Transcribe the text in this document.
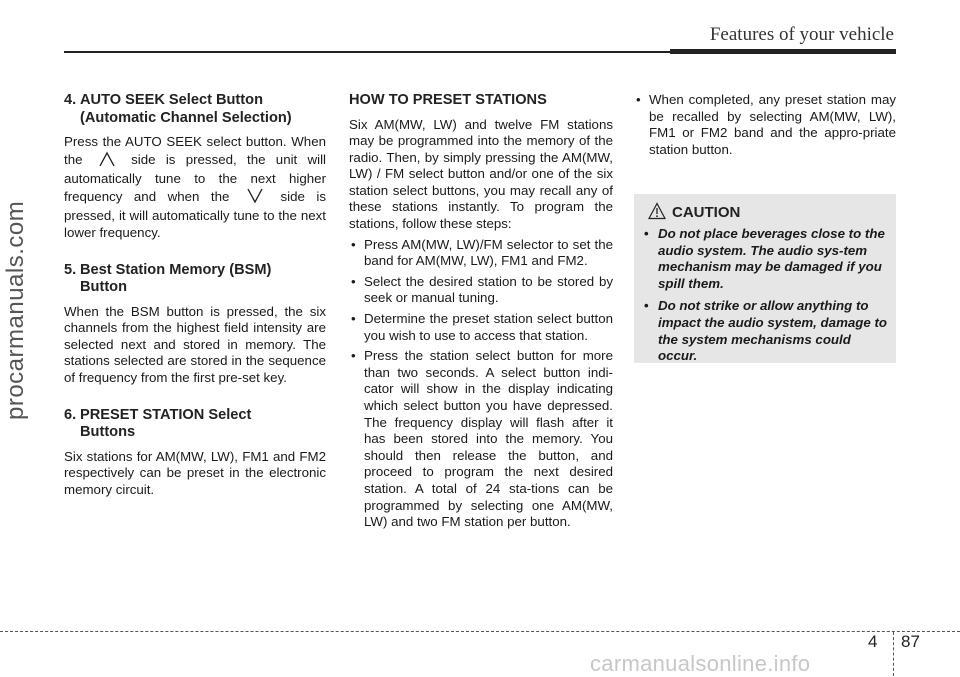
Features of your vehicle
procarmanuals.com
4. AUTO SEEK Select Button
(Automatic Channel Selection)

Press the AUTO SEEK select button. When the	side is pressed, the unit will automatically tune to the next higher frequency and when the	side is pressed, it will automatically tune to the next lower frequency.

5. Best Station Memory (BSM)
Button

When the BSM button is pressed, the six channels from the highest field intensity are selected next and stored in memory. The stations selected are stored in the sequence of frequency from the first pre-set key.

6. PRESET STATION Select
Buttons

Six stations for AM(MW, LW), FM1 and FM2 respectively can be preset in the electronic memory circuit.

HOW TO PRESET STATIONS

Six AM(MW, LW) and twelve FM stations may be programmed into the memory of the radio. Then, by simply pressing the AM(MW, LW) / FM select button and/or one of the six station select buttons, you may recall any of these stations instantly. To program the stations, follow these steps:

• Press AM(MW, LW)/FM selector to set the band for AM(MW, LW), FM1 and FM2.
• Select the desired station to be stored by seek or manual tuning.
• Determine the preset station select button you wish to use to access that station.
• Press the station select button for more than two seconds. A select button indi-cator will show in the display indicating which select button you have depressed. The frequency display will flash after it has been stored into the memory. You should then release the button, and proceed to program the next desired station. A total of 24 sta-tions can be programmed by selecting one AM(MW, LW) and two FM station per button.
• When completed, any preset station may be recalled by selecting AM(MW, LW), FM1 or FM2 band and the appro-priate station button.
CAUTION
• Do not place beverages close to the audio system. The audio sys-tem mechanism may be damaged if you spill them.
• Do not strike or allow anything to impact the audio system, damage to the system mechanisms could occur.
4 87
carmanualsonline.info
